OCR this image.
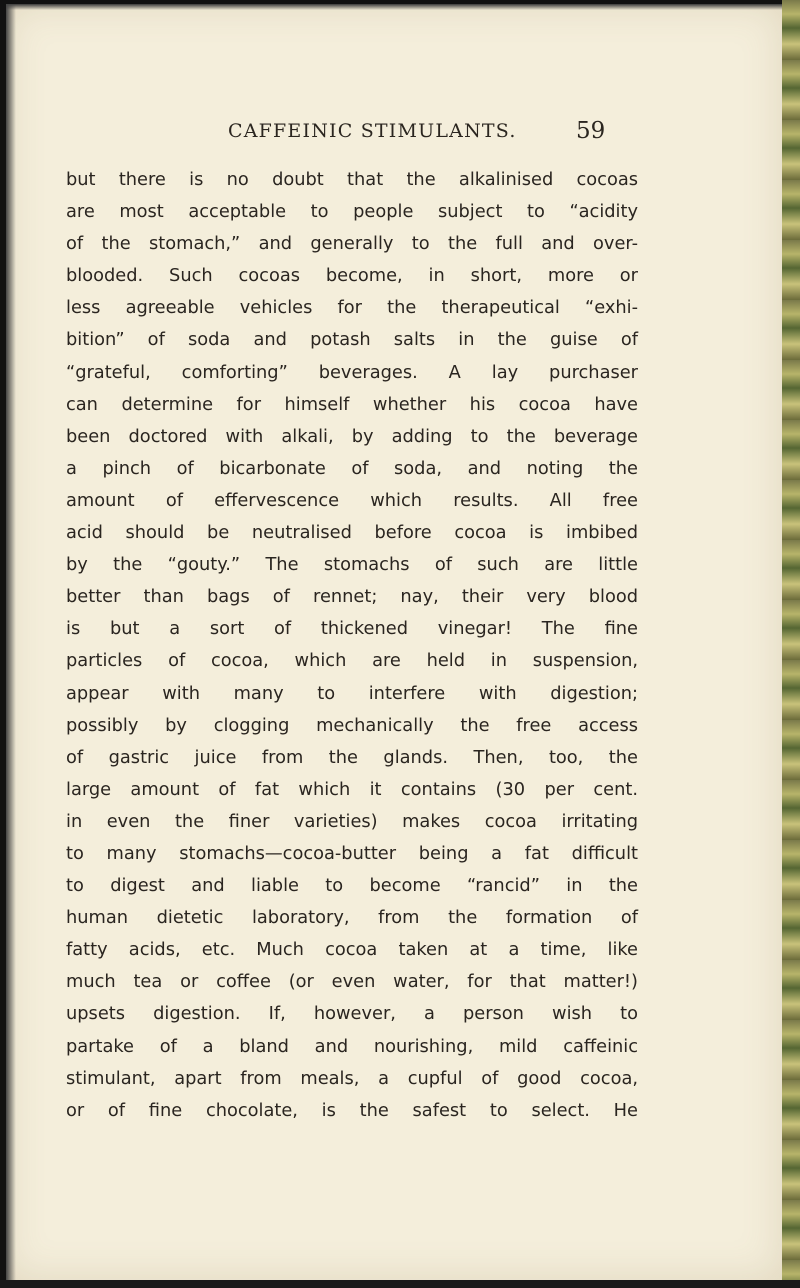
CAFFEINIC STIMULANTS.	59
but there is no doubt that the alkalinised cocoas
are most acceptable to people subject to “acidity
of the stomach,” and generally to the full and over-
blooded. Such cocoas become, in short, more or
less agreeable vehicles for the therapeutical “exhi-
bition” of soda and potash salts in the guise of
“grateful, comforting” beverages. A lay purchaser
can determine for himself whether his cocoa have
been doctored with alkali, by adding to the beverage
a pinch of bicarbonate of soda, and noting the
amount of effervescence which results. All free
acid should be neutralised before cocoa is imbibed
by the “gouty.” The stomachs of such are little
better than bags of rennet; nay, their very blood
is but a sort of thickened vinegar! The fine
particles of cocoa, which are held in suspension,
appear with many to interfere with digestion;
possibly by clogging mechanically the free access
of gastric juice from the glands. Then, too, the
large amount of fat which it contains (30 per cent.
in even the finer varieties) makes cocoa irritating
to many stomachs—cocoa-butter being a fat difficult
to digest and liable to become “rancid” in the
human dietetic laboratory, from the formation of
fatty acids, etc. Much cocoa taken at a time, like
much tea or coffee (or even water, for that matter!)
upsets digestion. If, however, a person wish to
partake of a bland and nourishing, mild caffeinic
stimulant, apart from meals, a cupful of good cocoa,
or of fine chocolate, is the safest to select. He
